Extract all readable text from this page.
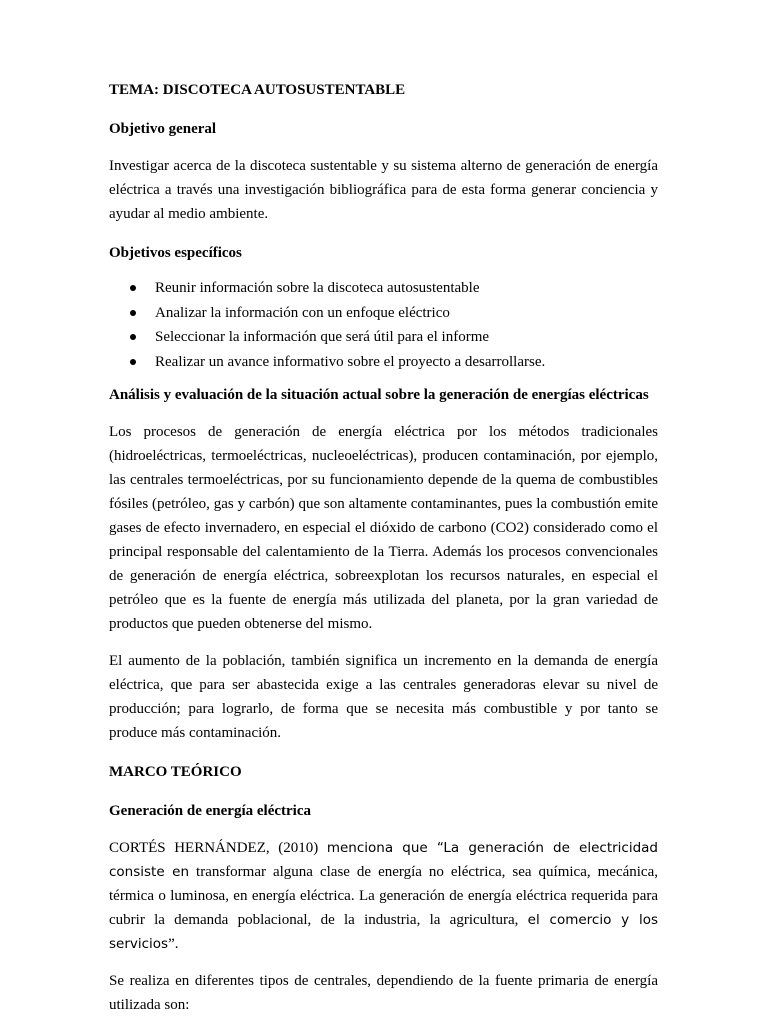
TEMA: DISCOTECA AUTOSUSTENTABLE

Objetivo general

Investigar acerca de la discoteca sustentable y su sistema alterno de generación de energía eléctrica a través una investigación bibliográfica para de esta forma generar conciencia y ayudar al medio ambiente.

Objetivos específicos

Reunir información sobre la discoteca autosustentable
Analizar la información con un enfoque eléctrico
Seleccionar la información que será útil para el informe
Realizar un avance informativo sobre el proyecto a desarrollarse.

Análisis y evaluación de la situación actual sobre la generación de energías eléctricas

Los procesos de generación de energía eléctrica por los métodos tradicionales (hidroeléctricas, termoeléctricas, nucleoeléctricas), producen contaminación, por ejemplo, las centrales termoeléctricas, por su funcionamiento depende de la quema de combustibles fósiles (petróleo, gas y carbón) que son altamente contaminantes, pues la combustión emite gases de efecto invernadero, en especial el dióxido de carbono (CO2) considerado como el principal responsable del calentamiento de la Tierra. Además los procesos convencionales de generación de energía eléctrica, sobreexplotan los recursos naturales, en especial el petróleo que es la fuente de energía más utilizada del planeta, por la gran variedad de productos que pueden obtenerse del mismo.

El aumento de la población, también significa un incremento en la demanda de energía eléctrica, que para ser abastecida exige a las centrales generadoras elevar su nivel de producción; para lograrlo, de forma que se necesita más combustible y por tanto se produce más contaminación.

MARCO TEÓRICO

Generación de energía eléctrica

CORTÉS HERNÁNDEZ, (2010) menciona que “La generación de electricidad consiste en transformar alguna clase de energía no eléctrica, sea química, mecánica, térmica o luminosa, en energía eléctrica. La generación de energía eléctrica requerida para cubrir la demanda poblacional, de la industria, la agricultura, el comercio y los servicios”.

Se realiza en diferentes tipos de centrales, dependiendo de la fuente primaria de energía utilizada son:
